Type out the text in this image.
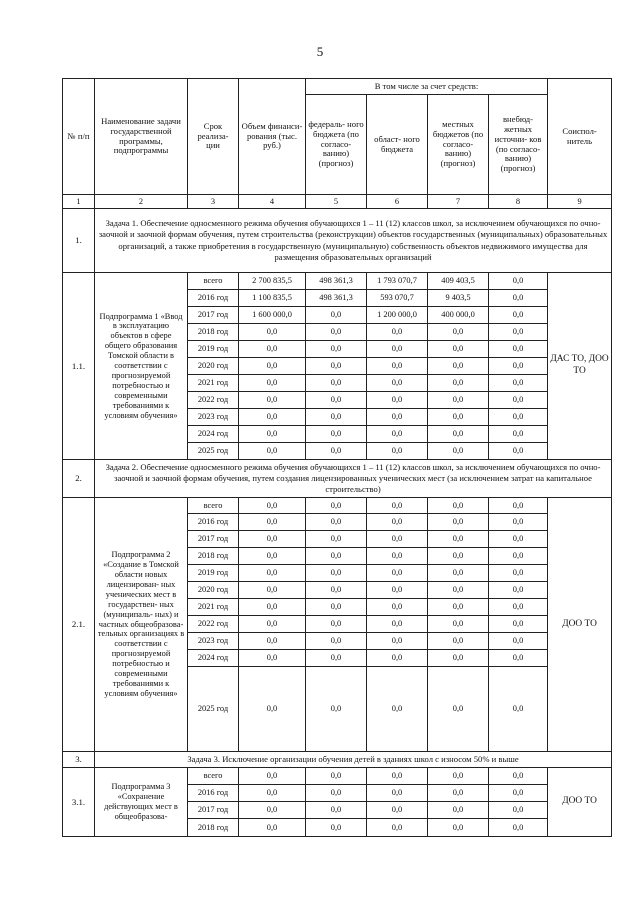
5
№ п/п	Наименование задачи государственной программы, подпрограммы	Срок реализа- ции	Объем финанси- рования (тыс. руб.)	В том числе за счет средств:				Соиспол- нитель
				федераль- ного бюджета (по согласо- ванию) (прогноз)	област- ного бюджета	местных бюджетов (по согласо- ванию) (прогноз)	внебюд- жетных источни- ков (по согласо- ванию) (прогноз)	
1	2	3	4	5	6	7	8	9
1.	Задача 1. Обеспечение односменного режима обучения обучающихся 1 – 11 (12) классов школ, за исключением обучающихся по очно-заочной и заочной формам обучения, путем строительства (реконструкции) объектов государственных (муниципальных) образовательных организаций, а также приобретения в государственную (муниципальную) собственность объектов недвижимого имущества для размещения образовательных организаций							
1.1.	Подпрограмма 1 «Ввод в эксплуатацию объектов в сфере общего образования Томской области в соответствии с прогнозируемой потребностью и современными требованиями к условиям обучения»	всего	2 700 835,5	498 361,3	1 793 070,7	409 403,5	0,0	ДАС ТО, ДОО ТО
		2016 год	1 100 835,5	498 361,3	593 070,7	9 403,5	0,0	
		2017 год	1 600 000,0	0,0	1 200 000,0	400 000,0	0,0	
		2018 год	0,0	0,0	0,0	0,0	0,0	
		2019 год	0,0	0,0	0,0	0,0	0,0	
		2020 год	0,0	0,0	0,0	0,0	0,0	
		2021 год	0,0	0,0	0,0	0,0	0,0	
		2022 год	0,0	0,0	0,0	0,0	0,0	
		2023 год	0,0	0,0	0,0	0,0	0,0	
		2024 год	0,0	0,0	0,0	0,0	0,0	
		2025 год	0,0	0,0	0,0	0,0	0,0	
2.	Задача 2. Обеспечение односменного режима обучения обучающихся 1 – 11 (12) классов школ, за исключением обучающихся по очно-заочной и заочной формам обучения, путем создания лицензированных ученических мест (за исключением затрат на капитальное строительство)							
2.1.	Подпрограмма 2 «Создание в Томской области новых лицензирован- ных ученических мест в государствен- ных (муниципаль- ных) и частных общеобразова- тельных организациях в соответствии с прогнозируемой потребностью и современными требованиями к условиям обучения»	всего	0,0	0,0	0,0	0,0	0,0	ДОО ТО
		2016 год	0,0	0,0	0,0	0,0	0,0	
		2017 год	0,0	0,0	0,0	0,0	0,0	
		2018 год	0,0	0,0	0,0	0,0	0,0	
		2019 год	0,0	0,0	0,0	0,0	0,0	
		2020 год	0,0	0,0	0,0	0,0	0,0	
		2021 год	0,0	0,0	0,0	0,0	0,0	
		2022 год	0,0	0,0	0,0	0,0	0,0	
		2023 год	0,0	0,0	0,0	0,0	0,0	
		2024 год	0,0	0,0	0,0	0,0	0,0	
		2025 год	0,0	0,0	0,0	0,0	0,0	
3.	Задача 3. Исключение организации обучения детей в зданиях школ с износом 50% и выше							
3.1.	Подпрограмма 3 «Сохранение действующих мест в общеобразова-	всего	0,0	0,0	0,0	0,0	0,0	ДОО ТО
		2016 год	0,0	0,0	0,0	0,0	0,0	
		2017 год	0,0	0,0	0,0	0,0	0,0	
		2018 год	0,0	0,0	0,0	0,0	0,0	
